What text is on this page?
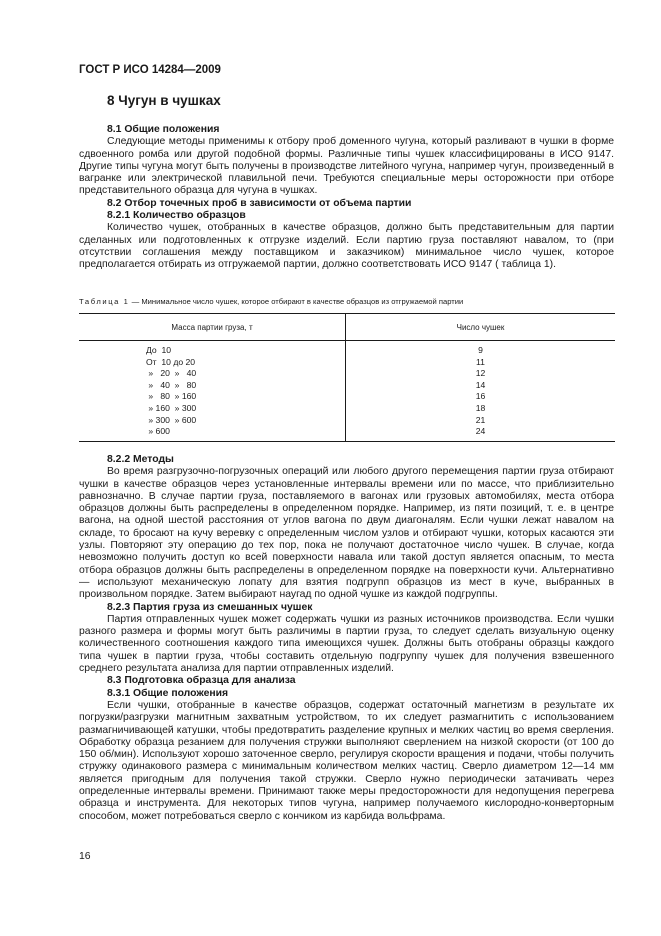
ГОСТ Р ИСО 14284—2009
8 Чугун в чушках
8.1 Общие положения

Следующие методы применимы к отбору проб доменного чугуна, который разливают в чушки в форме сдвоенного ромба или другой подобной формы. Различные типы чушек классифицированы в ИСО 9147. Другие типы чугуна могут быть получены в производстве литейного чугуна, например чугун, произведенный в вагранке или электрической плавильной печи. Требуются специальные меры осторожности при отборе представительного образца для чугуна в чушках.

8.2 Отбор точечных проб в зависимости от объема партии
8.2.1 Количество образцов

Количество чушек, отобранных в качестве образцов, должно быть представительным для партии сделанных или подготовленных к отгрузке изделий. Если партию груза поставляют навалом, то (при отсутствии соглашения между поставщиком и заказчиком) минимальное число чушек, которое предполагается отбирать из отгружаемой партии, должно соответствовать ИСО 9147 ( таблица 1).

Таблица 1 — Минимальное число чушек, которое отбирают в качестве образцов из отгружаемой партии
Масса партии груза, т	Число чушек
До  10	9
От  10 до 20	11
»   20  »   40	12
»   40  »   80	14
»   80  » 160	16
» 160  » 300	18
» 300  » 600	21
» 600	24
8.2.2 Методы

Во время разгрузочно-погрузочных операций или любого другого перемещения партии груза отбирают чушки в качестве образцов через установленные интервалы времени или по массе, что приблизительно равнозначно. В случае партии груза, поставляемого в вагонах или грузовых автомобилях, места отбора образцов должны быть распределены в определенном порядке. Например, из пяти позиций, т. е. в центре вагона, на одной шестой расстояния от углов вагона по двум диагоналям. Если чушки лежат навалом на складе, то бросают на кучу веревку с определенным числом узлов и отбирают чушки, которых касаются эти узлы. Повторяют эту операцию до тех пор, пока не получают достаточное число чушек. В случае, когда невозможно получить доступ ко всей поверхности навала или такой доступ является опасным, то места отбора образцов должны быть распределены в определенном порядке на поверхности кучи. Альтернативно — используют механическую лопату для взятия подгрупп образцов из мест в куче, выбранных в произвольном порядке. Затем выбирают наугад по одной чушке из каждой подгруппы.

8.2.3 Партия груза из смешанных чушек

Партия отправленных чушек может содержать чушки из разных источников производства. Если чушки разного размера и формы могут быть различимы в партии груза, то следует сделать визуальную оценку количественного соотношения каждого типа имеющихся чушек. Должны быть отобраны образцы каждого типа чушек в партии груза, чтобы составить отдельную подгруппу чушек для получения взвешенного среднего результата анализа для партии отправленных изделий.

8.3 Подготовка образца для анализа
8.3.1 Общие положения

Если чушки, отобранные в качестве образцов, содержат остаточный магнетизм в результате их погрузки/разгрузки магнитным захватным устройством, то их следует размагнитить с использованием размагничивающей катушки, чтобы предотвратить разделение крупных и мелких частиц во время сверления. Обработку образца резанием для получения стружки выполняют сверлением на низкой скорости (от 100 до 150 об/мин). Используют хорошо заточенное сверло, регулируя скорости вращения и подачи, чтобы получить стружку одинакового размера с минимальным количеством мелких частиц. Сверло диаметром 12—14 мм является пригодным для получения такой стружки. Сверло нужно периодически затачивать через определенные интервалы времени. Принимают также меры предосторожности для недопущения перегрева образца и инструмента. Для некоторых типов чугуна, например получаемого кислородно-конверторным способом, может потребоваться сверло с кончиком из карбида вольфрама.

16
